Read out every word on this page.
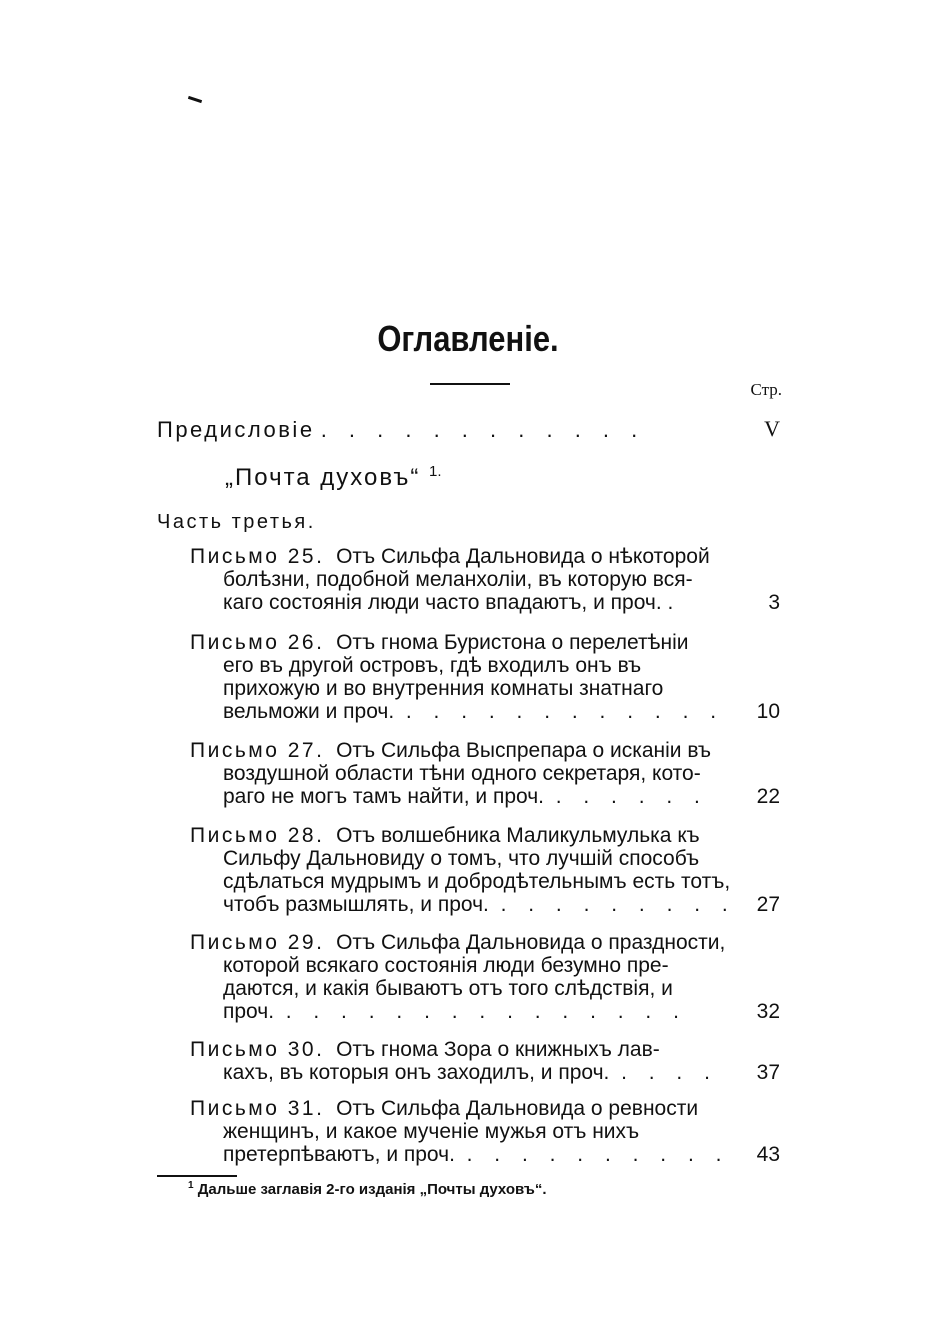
Оглавленіе.
Стр.
Предисловіе . . . . . . . . . . . .	V
„Почта духовъ“ $^{1.}$
Часть третья.
Письмо 25. Отъ Сильфа Дальновида о нѣкоторой
болѣзни, подобной меланхоліи, въ которую вся-
каго состоянія люди часто впадаютъ, и проч. .	3
Письмо 26. Отъ гнома Буристона о перелетѣніи
его въ другой островъ, гдѣ входилъ онъ въ
прихожую и во внутренния комнаты знатнаго
вельможи и проч. . . . . . . . . . . . .	10
Письмо 27. Отъ Сильфа Выспрепара о исканіи въ
воздушной области тѣни одного секретаря, кото-
раго не могъ тамъ найти, и проч. . . . . . .	22
Письмо 28. Отъ волшебника Маликульмулька къ
Сильфу Дальновиду о томъ, что лучшій способъ
сдѣлаться мудрымъ и добродѣтельнымъ есть тотъ,
чтобъ размышлять, и проч. . . . . . . . . . 27
Письмо 29. Отъ Сильфа Дальновида о праздности,
которой всякаго состоянія люди безумно пре-
даются, и какія бываютъ отъ того слѣдствія, и
проч. . . . . . . . . . . . . . . .	32
Письмо 30. Отъ гнома Зора о книжныхъ лав-
кахъ, въ которыя онъ заходилъ, и проч. . . . .	37
Письмо 31. Отъ Сильфа Дальновида о ревности
женщинъ, и какое мученіе мужья отъ нихъ
претерпѣваютъ, и проч. . . . . . . . . . .	43
$^1$ Дальше заглавія 2-го изданія „Почты духовъ“.
